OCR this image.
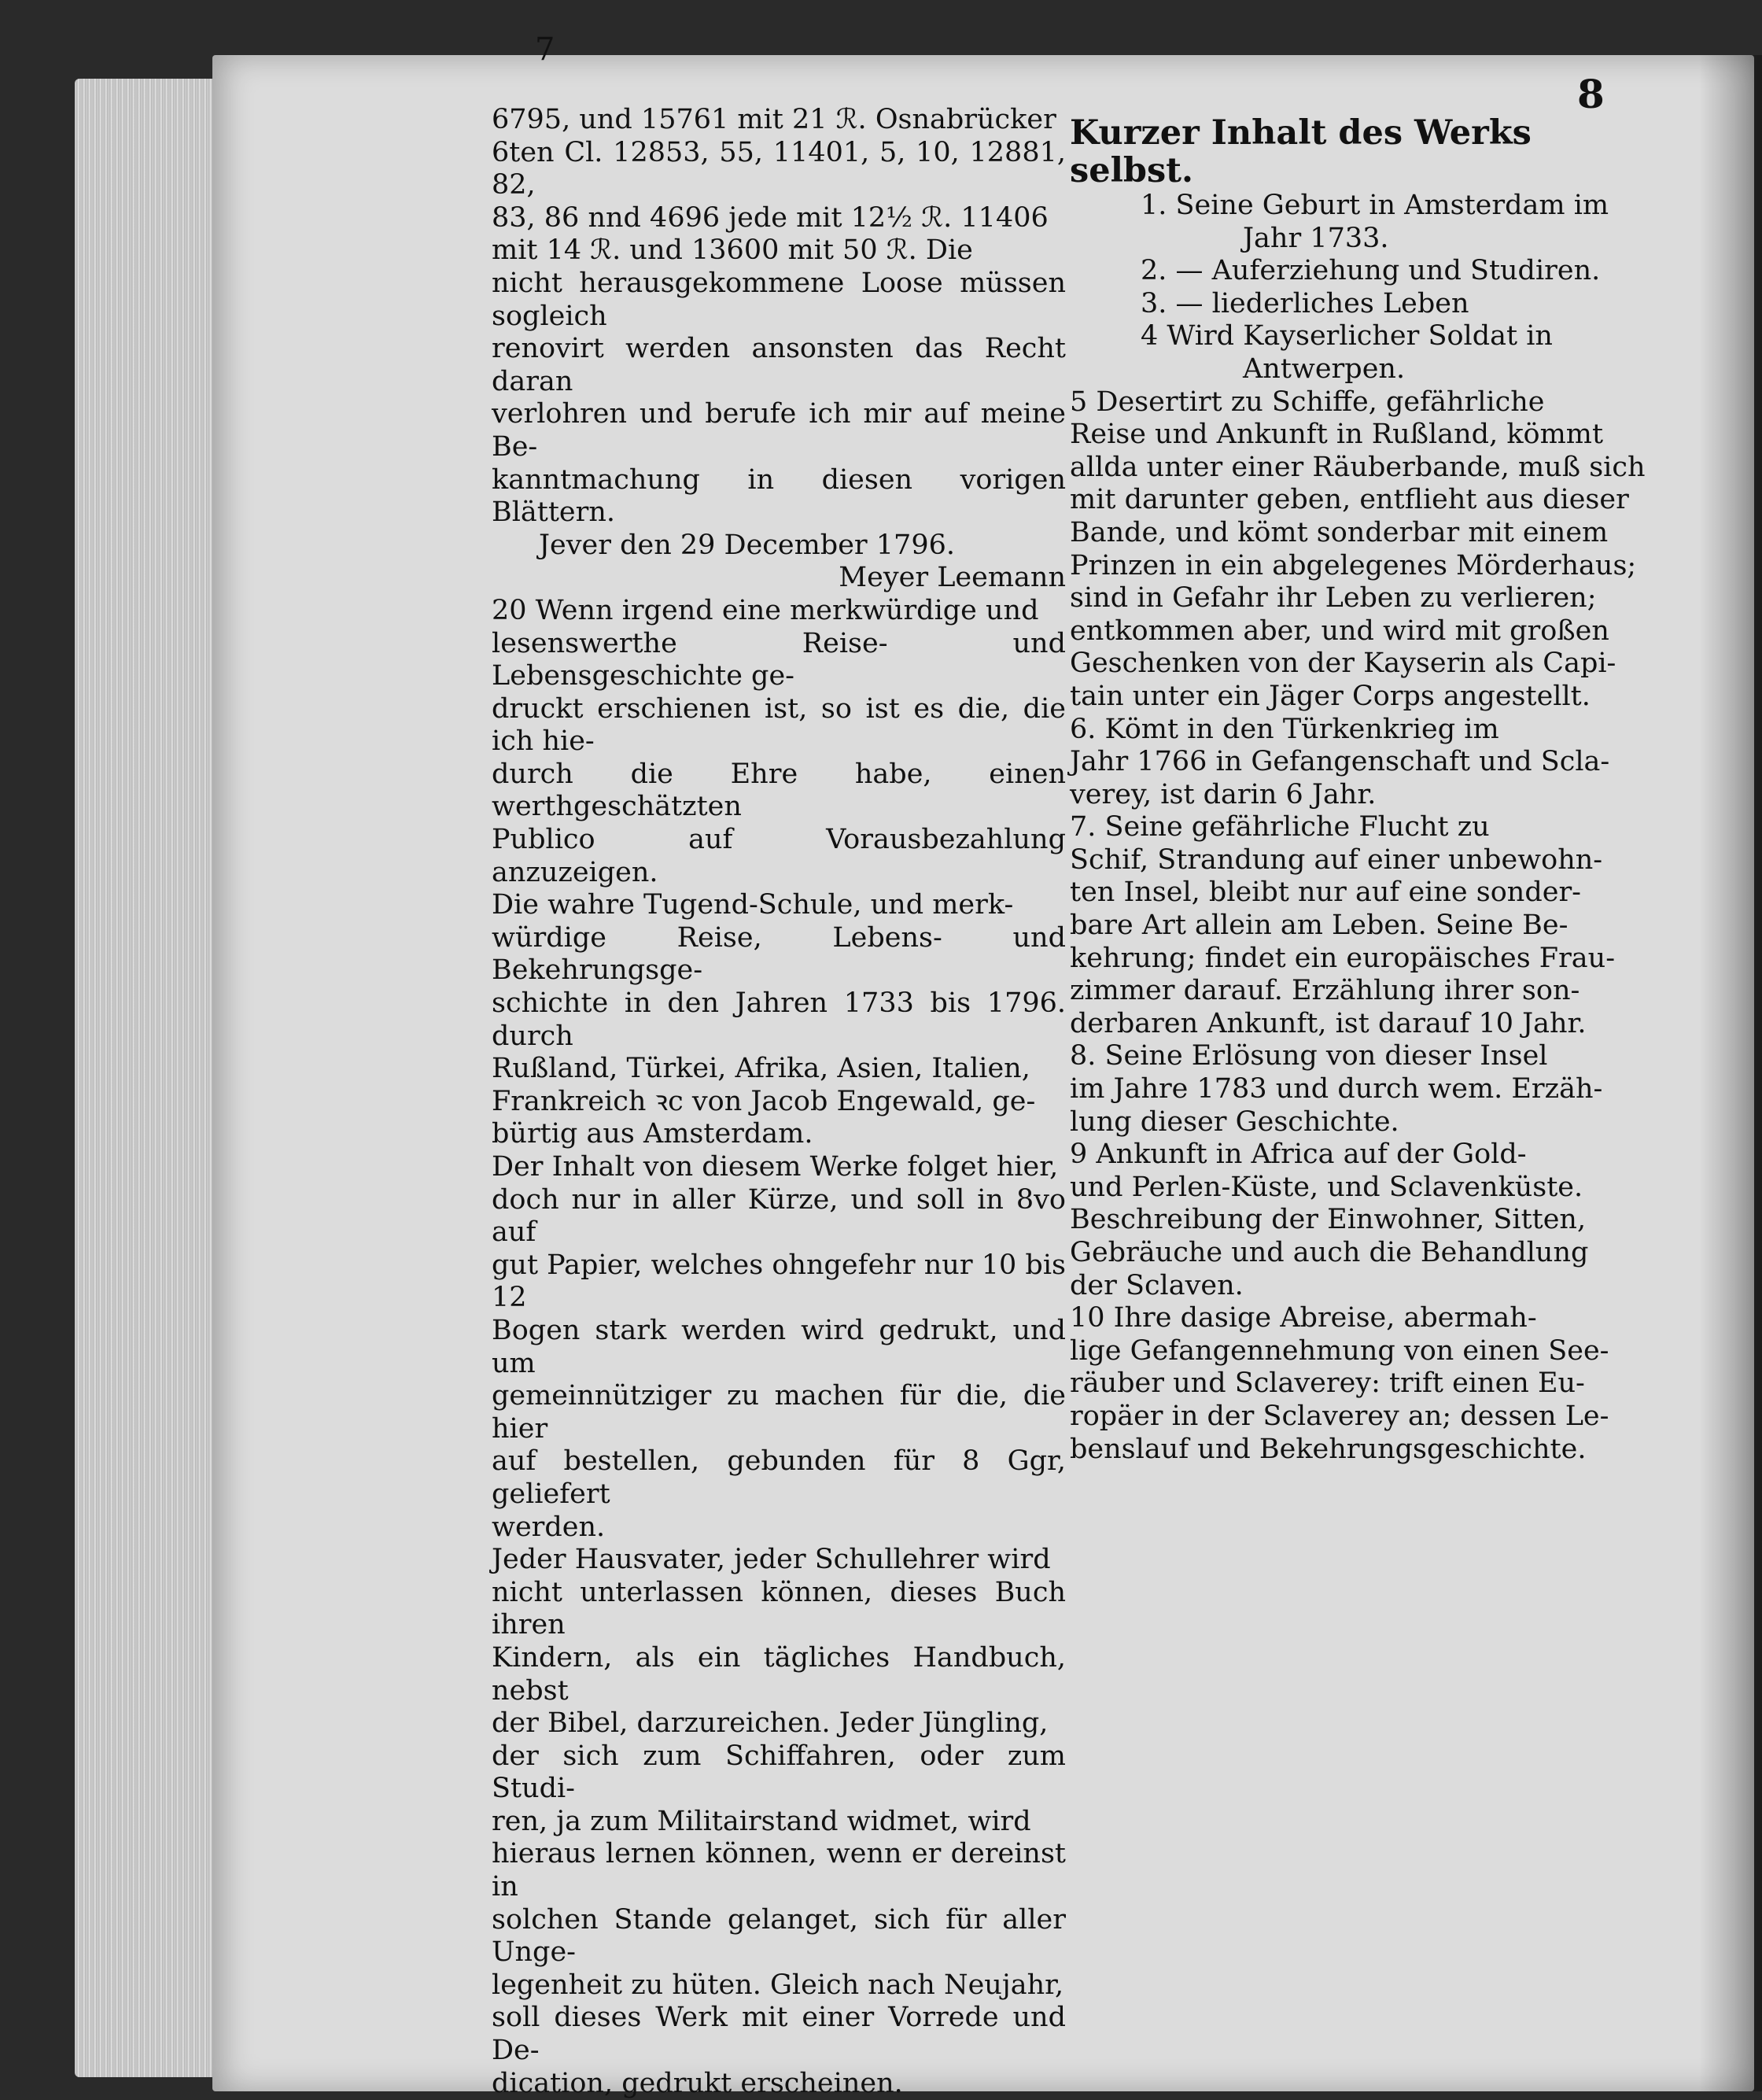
7
8

6795, und 15761 mit 21 ℛ. Osnabrücker
6ten Cl. 12853, 55, 11401, 5, 10, 12881, 82,
83, 86 nnd 4696 jede mit 12½ ℛ. 11406
mit 14 ℛ. und 13600 mit 50 ℛ. Die
nicht herausgekommene Loose müssen sogleich
renovirt werden ansonsten das Recht daran
verlohren und berufe ich mir auf meine Be-
kanntmachung in diesen vorigen Blättern.

Jever den 29 December 1796.

Meyer Leemann

20 Wenn irgend eine merkwürdige und
lesenswerthe Reise- und Lebensgeschichte ge-
druckt erschienen ist, so ist es die, die ich hie-
durch die Ehre habe, einen werthgeschätzten
Publico auf Vorausbezahlung anzuzeigen.

Die wahre Tugend-Schule, und merk-
würdige Reise, Lebens- und Bekehrungsge-
schichte in den Jahren 1733 bis 1796. durch
Rußland, Türkei, Afrika, Asien, Italien,
Frankreich ꝛc von Jacob Engewald, ge-
bürtig aus Amsterdam.

Der Inhalt von diesem Werke folget hier,
doch nur in aller Kürze, und soll in 8vo auf
gut Papier, welches ohngefehr nur 10 bis 12
Bogen stark werden wird gedrukt, und um
gemeinnütziger zu machen für die, die hier
auf bestellen, gebunden für 8 Ggr, geliefert
werden.

Jeder Hausvater, jeder Schullehrer wird
nicht unterlassen können, dieses Buch ihren
Kindern, als ein tägliches Handbuch, nebst
der Bibel, darzureichen. Jeder Jüngling,
der sich zum Schiffahren, oder zum Studi-
ren, ja zum Militairstand widmet, wird
hieraus lernen können, wenn er dereinst in
solchen Stande gelanget, sich für aller Unge-
legenheit zu hüten. Gleich nach Neujahr,
soll dieses Werk mit einer Vorrede und De-
dication, gedrukt erscheinen.

Kurzer Inhalt des Werks selbst.

1. Seine Geburt in Amsterdam im

Jahr 1733.

2. — Auferziehung und Studiren.

3. — liederliches Leben

4 Wird Kayserlicher Soldat in

Antwerpen.

5 Desertirt zu Schiffe, gefährliche
Reise und Ankunft in Rußland, kömmt
allda unter einer Räuberbande, muß sich
mit darunter geben, entflieht aus dieser
Bande, und kömt sonderbar mit einem
Prinzen in ein abgelegenes Mörderhaus;
sind in Gefahr ihr Leben zu verlieren;
entkommen aber, und wird mit großen
Geschenken von der Kayserin als Capi-
tain unter ein Jäger Corps angestellt.

6. Kömt in den Türkenkrieg im
Jahr 1766 in Gefangenschaft und Scla-
verey, ist darin 6 Jahr.

7. Seine gefährliche Flucht zu
Schif, Strandung auf einer unbewohn-
ten Insel, bleibt nur auf eine sonder-
bare Art allein am Leben. Seine Be-
kehrung; findet ein europäisches Frau-
zimmer darauf. Erzählung ihrer son-
derbaren Ankunft, ist darauf 10 Jahr.

8. Seine Erlösung von dieser Insel
im Jahre 1783 und durch wem. Erzäh-
lung dieser Geschichte.

9 Ankunft in Africa auf der Gold-
und Perlen-Küste, und Sclavenküste.
Beschreibung der Einwohner, Sitten,
Gebräuche und auch die Behandlung
der Sclaven.

10 Ihre dasige Abreise, abermah-
lige Gefangennehmung von einen See-
räuber und Sclaverey: trift einen Eu-
ropäer in der Sclaverey an; dessen Le-
benslauf und Bekehrungsgeschichte.
